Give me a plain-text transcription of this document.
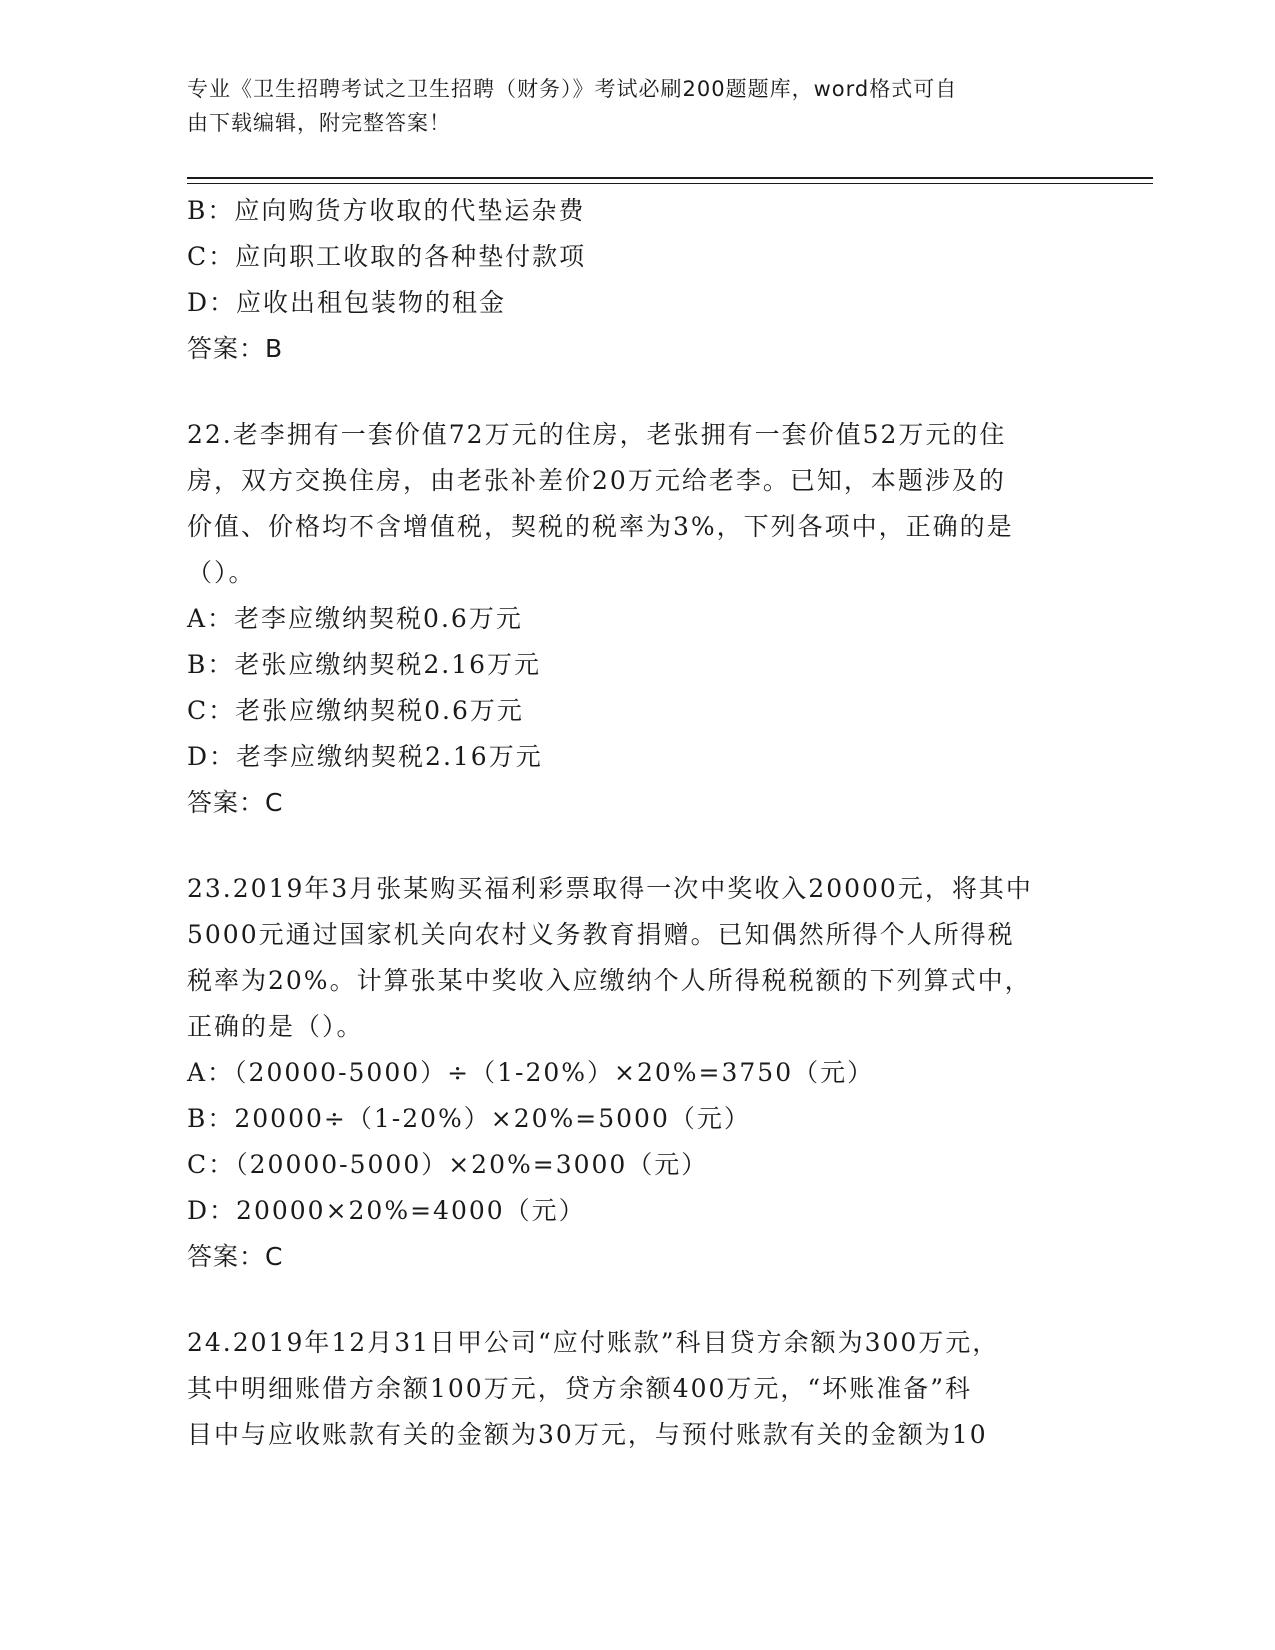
专业《卫生招聘考试之卫生招聘（财务）》考试必刷200题题库，word格式可自
由下载编辑，附完整答案！
B：应向购货方收取的代垫运杂费
C：应向职工收取的各种垫付款项
D：应收出租包装物的租金
答案：B
22.老李拥有一套价值72万元的住房，老张拥有一套价值52万元的住
房，双方交换住房，由老张补差价20万元给老李。已知，本题涉及的
价值、价格均不含增值税，契税的税率为3%，下列各项中，正确的是
（）。
A：老李应缴纳契税0.6万元
B：老张应缴纳契税2.16万元
C：老张应缴纳契税0.6万元
D：老李应缴纳契税2.16万元
答案：C
23.2019年3月张某购买福利彩票取得一次中奖收入20000元，将其中
5000元通过国家机关向农村义务教育捐赠。已知偶然所得个人所得税
税率为20%。计算张某中奖收入应缴纳个人所得税税额的下列算式中，
正确的是（）。
A：（20000-5000）÷（1-20%）×20%=3750（元）
B：20000÷（1-20%）×20%=5000（元）
C：（20000-5000）×20%=3000（元）
D：20000×20%=4000（元）
答案：C
24.2019年12月31日甲公司“应付账款”科目贷方余额为300万元，
其中明细账借方余额100万元，贷方余额400万元，“坏账准备”科
目中与应收账款有关的金额为30万元，与预付账款有关的金额为10
